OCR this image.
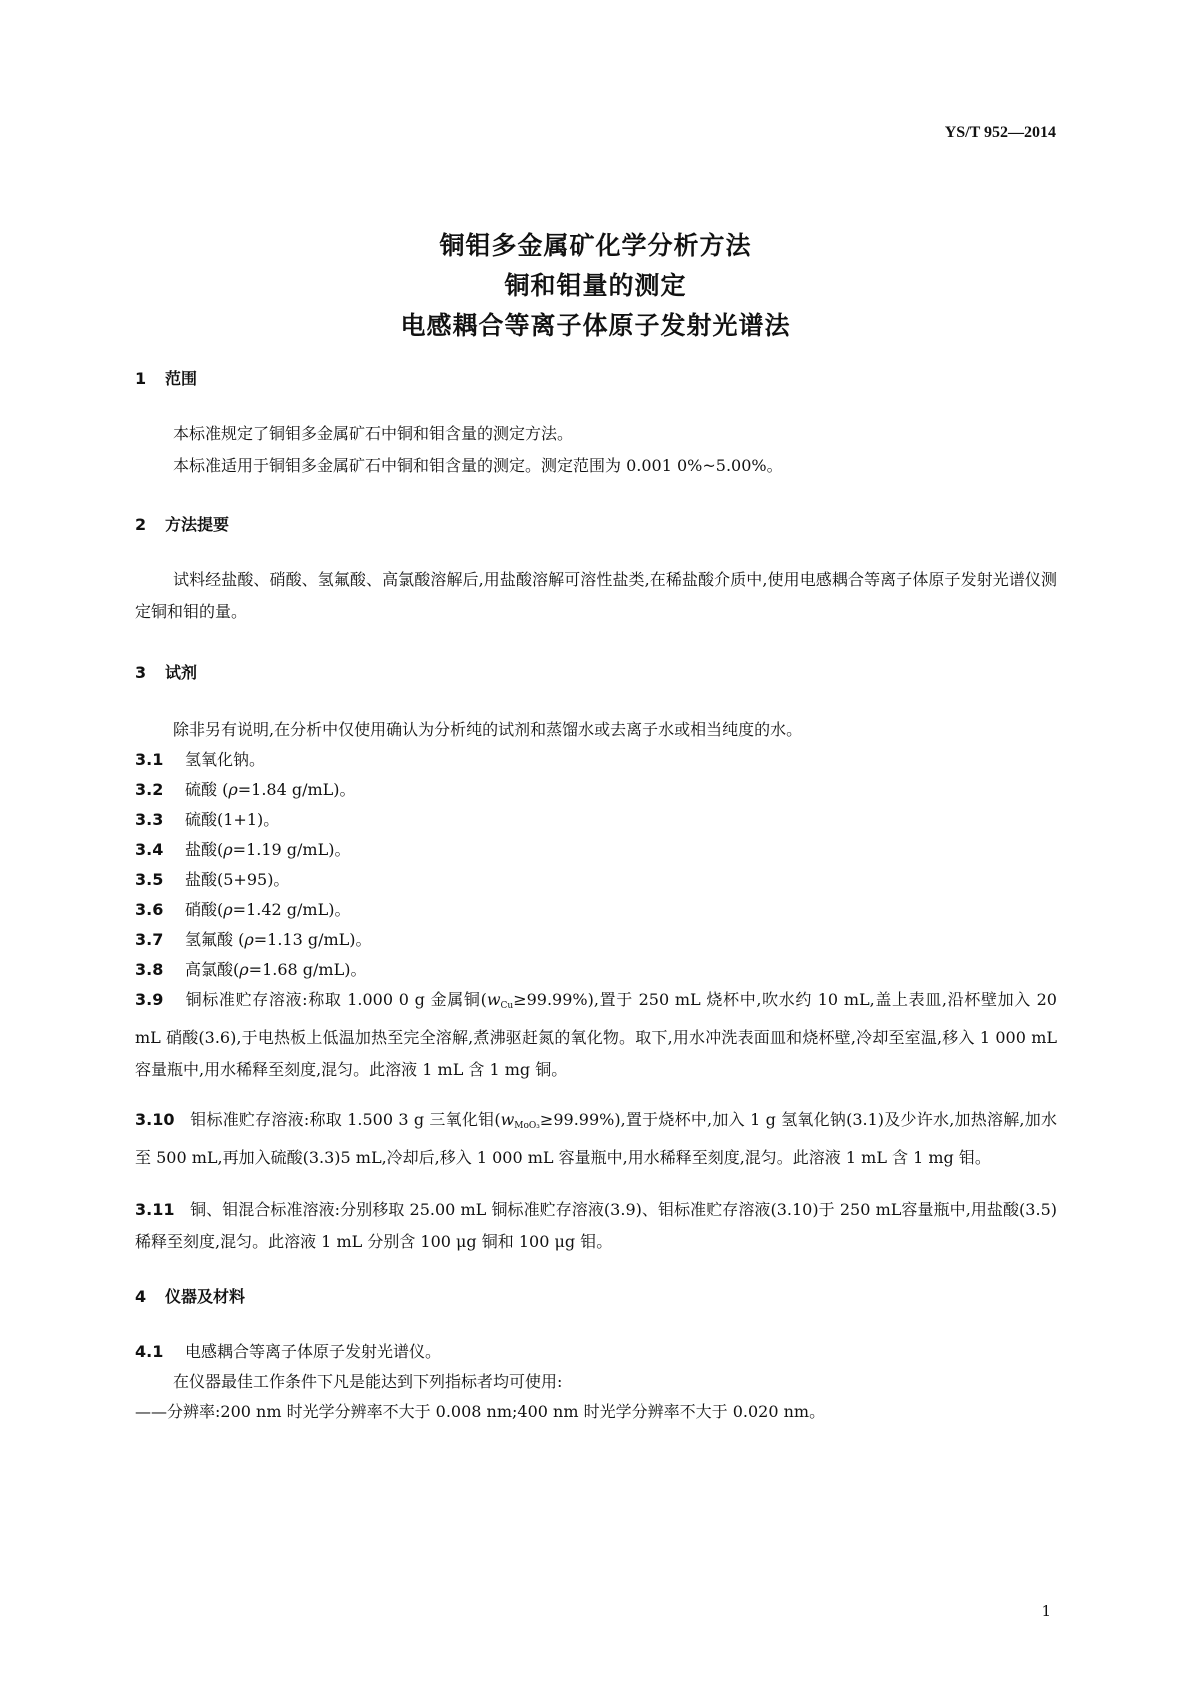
YS/T 952—2014
铜钼多金属矿化学分析方法
铜和钼量的测定
电感耦合等离子体原子发射光谱法
1 范围
本标准规定了铜钼多金属矿石中铜和钼含量的测定方法。
本标准适用于铜钼多金属矿石中铜和钼含量的测定。测定范围为 0.001 0%~5.00%。
2 方法提要
试料经盐酸、硝酸、氢氟酸、高氯酸溶解后,用盐酸溶解可溶性盐类,在稀盐酸介质中,使用电感耦合等离子体原子发射光谱仪测定铜和钼的量。
3 试剂
除非另有说明,在分析中仅使用确认为分析纯的试剂和蒸馏水或去离子水或相当纯度的水。
3.1 氢氧化钠。
3.2 硫酸 (ρ=1.84 g/mL)。
3.3 硫酸(1+1)。
3.4 盐酸(ρ=1.19 g/mL)。
3.5 盐酸(5+95)。
3.6 硝酸(ρ=1.42 g/mL)。
3.7 氢氟酸 (ρ=1.13 g/mL)。
3.8 高氯酸(ρ=1.68 g/mL)。
3.9 铜标准贮存溶液:称取 1.000 0 g 金属铜$(w_{Cu}\ge 99.99\%)$,置于 250 mL 烧杯中,吹水约 10 mL,盖上表皿,沿杯壁加入 20 mL 硝酸(3.6),于电热板上低温加热至完全溶解,煮沸驱赶氮的氧化物。取下,用水冲洗表面皿和烧杯壁,冷却至室温,移入 1 000 mL 容量瓶中,用水稀释至刻度,混匀。此溶液 1 mL 含 1 mg 铜。
3.10 钼标准贮存溶液:称取 1.500 3 g 三氧化钼$(w_{MoO_3}\ge 99.99\%)$,置于烧杯中,加入 1 g 氢氧化钠(3.1)及少许水,加热溶解,加水至 500 mL,再加入硫酸(3.3)5 mL,冷却后,移入 1 000 mL 容量瓶中,用水稀释至刻度,混匀。此溶液 1 mL 含 1 mg 钼。
3.11 铜、钼混合标准溶液:分别移取 25.00 mL 铜标准贮存溶液(3.9)、钼标准贮存溶液(3.10)于 250 mL容量瓶中,用盐酸(3.5)稀释至刻度,混匀。此溶液 1 mL 分别含 100 μg 铜和 100 μg 钼。
4 仪器及材料
4.1 电感耦合等离子体原子发射光谱仪。
在仪器最佳工作条件下凡是能达到下列指标者均可使用:
——分辨率:200 nm 时光学分辨率不大于 0.008 nm;400 nm 时光学分辨率不大于 0.020 nm。
1
